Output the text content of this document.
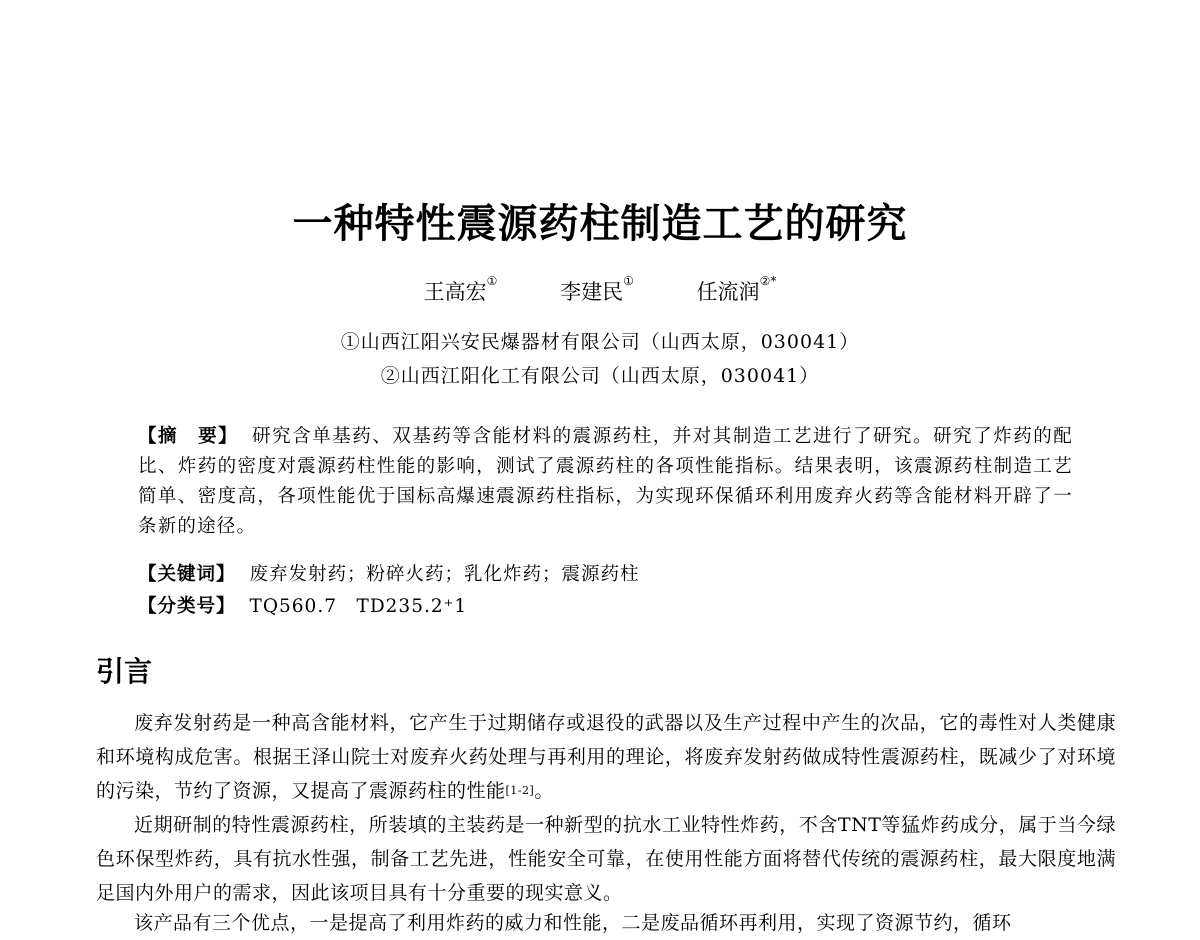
一种特性震源药柱制造工艺的研究
王高宏①	李建民①	任流润②*
①山西江阳兴安民爆器材有限公司（山西太原，030041）
②山西江阳化工有限公司（山西太原，030041）
【摘　要】 研究含单基药、双基药等含能材料的震源药柱，并对其制造工艺进行了研究。研究了炸药的配比、炸药的密度对震源药柱性能的影响，测试了震源药柱的各项性能指标。结果表明，该震源药柱制造工艺简单、密度高，各项性能优于国标高爆速震源药柱指标，为实现环保循环利用废弃火药等含能材料开辟了一条新的途径。
【关键词】 废弃发射药；粉碎火药；乳化炸药；震源药柱
【分类号】 TQ560.7　TD235.2⁺1
引言
废弃发射药是一种高含能材料，它产生于过期储存或退役的武器以及生产过程中产生的次品，它的毒性对人类健康和环境构成危害。根据王泽山院士对废弃火药处理与再利用的理论，将废弃发射药做成特性震源药柱，既减少了对环境的污染，节约了资源，又提高了震源药柱的性能[1-2]。
近期研制的特性震源药柱，所装填的主装药是一种新型的抗水工业特性炸药，不含TNT等猛炸药成分，属于当今绿色环保型炸药，具有抗水性强，制备工艺先进，性能安全可靠，在使用性能方面将替代传统的震源药柱，最大限度地满足国内外用户的需求，因此该项目具有十分重要的现实意义。
该产品有三个优点，一是提高了利用炸药的威力和性能，二是废品循环再利用，实现了资源节约，循环
